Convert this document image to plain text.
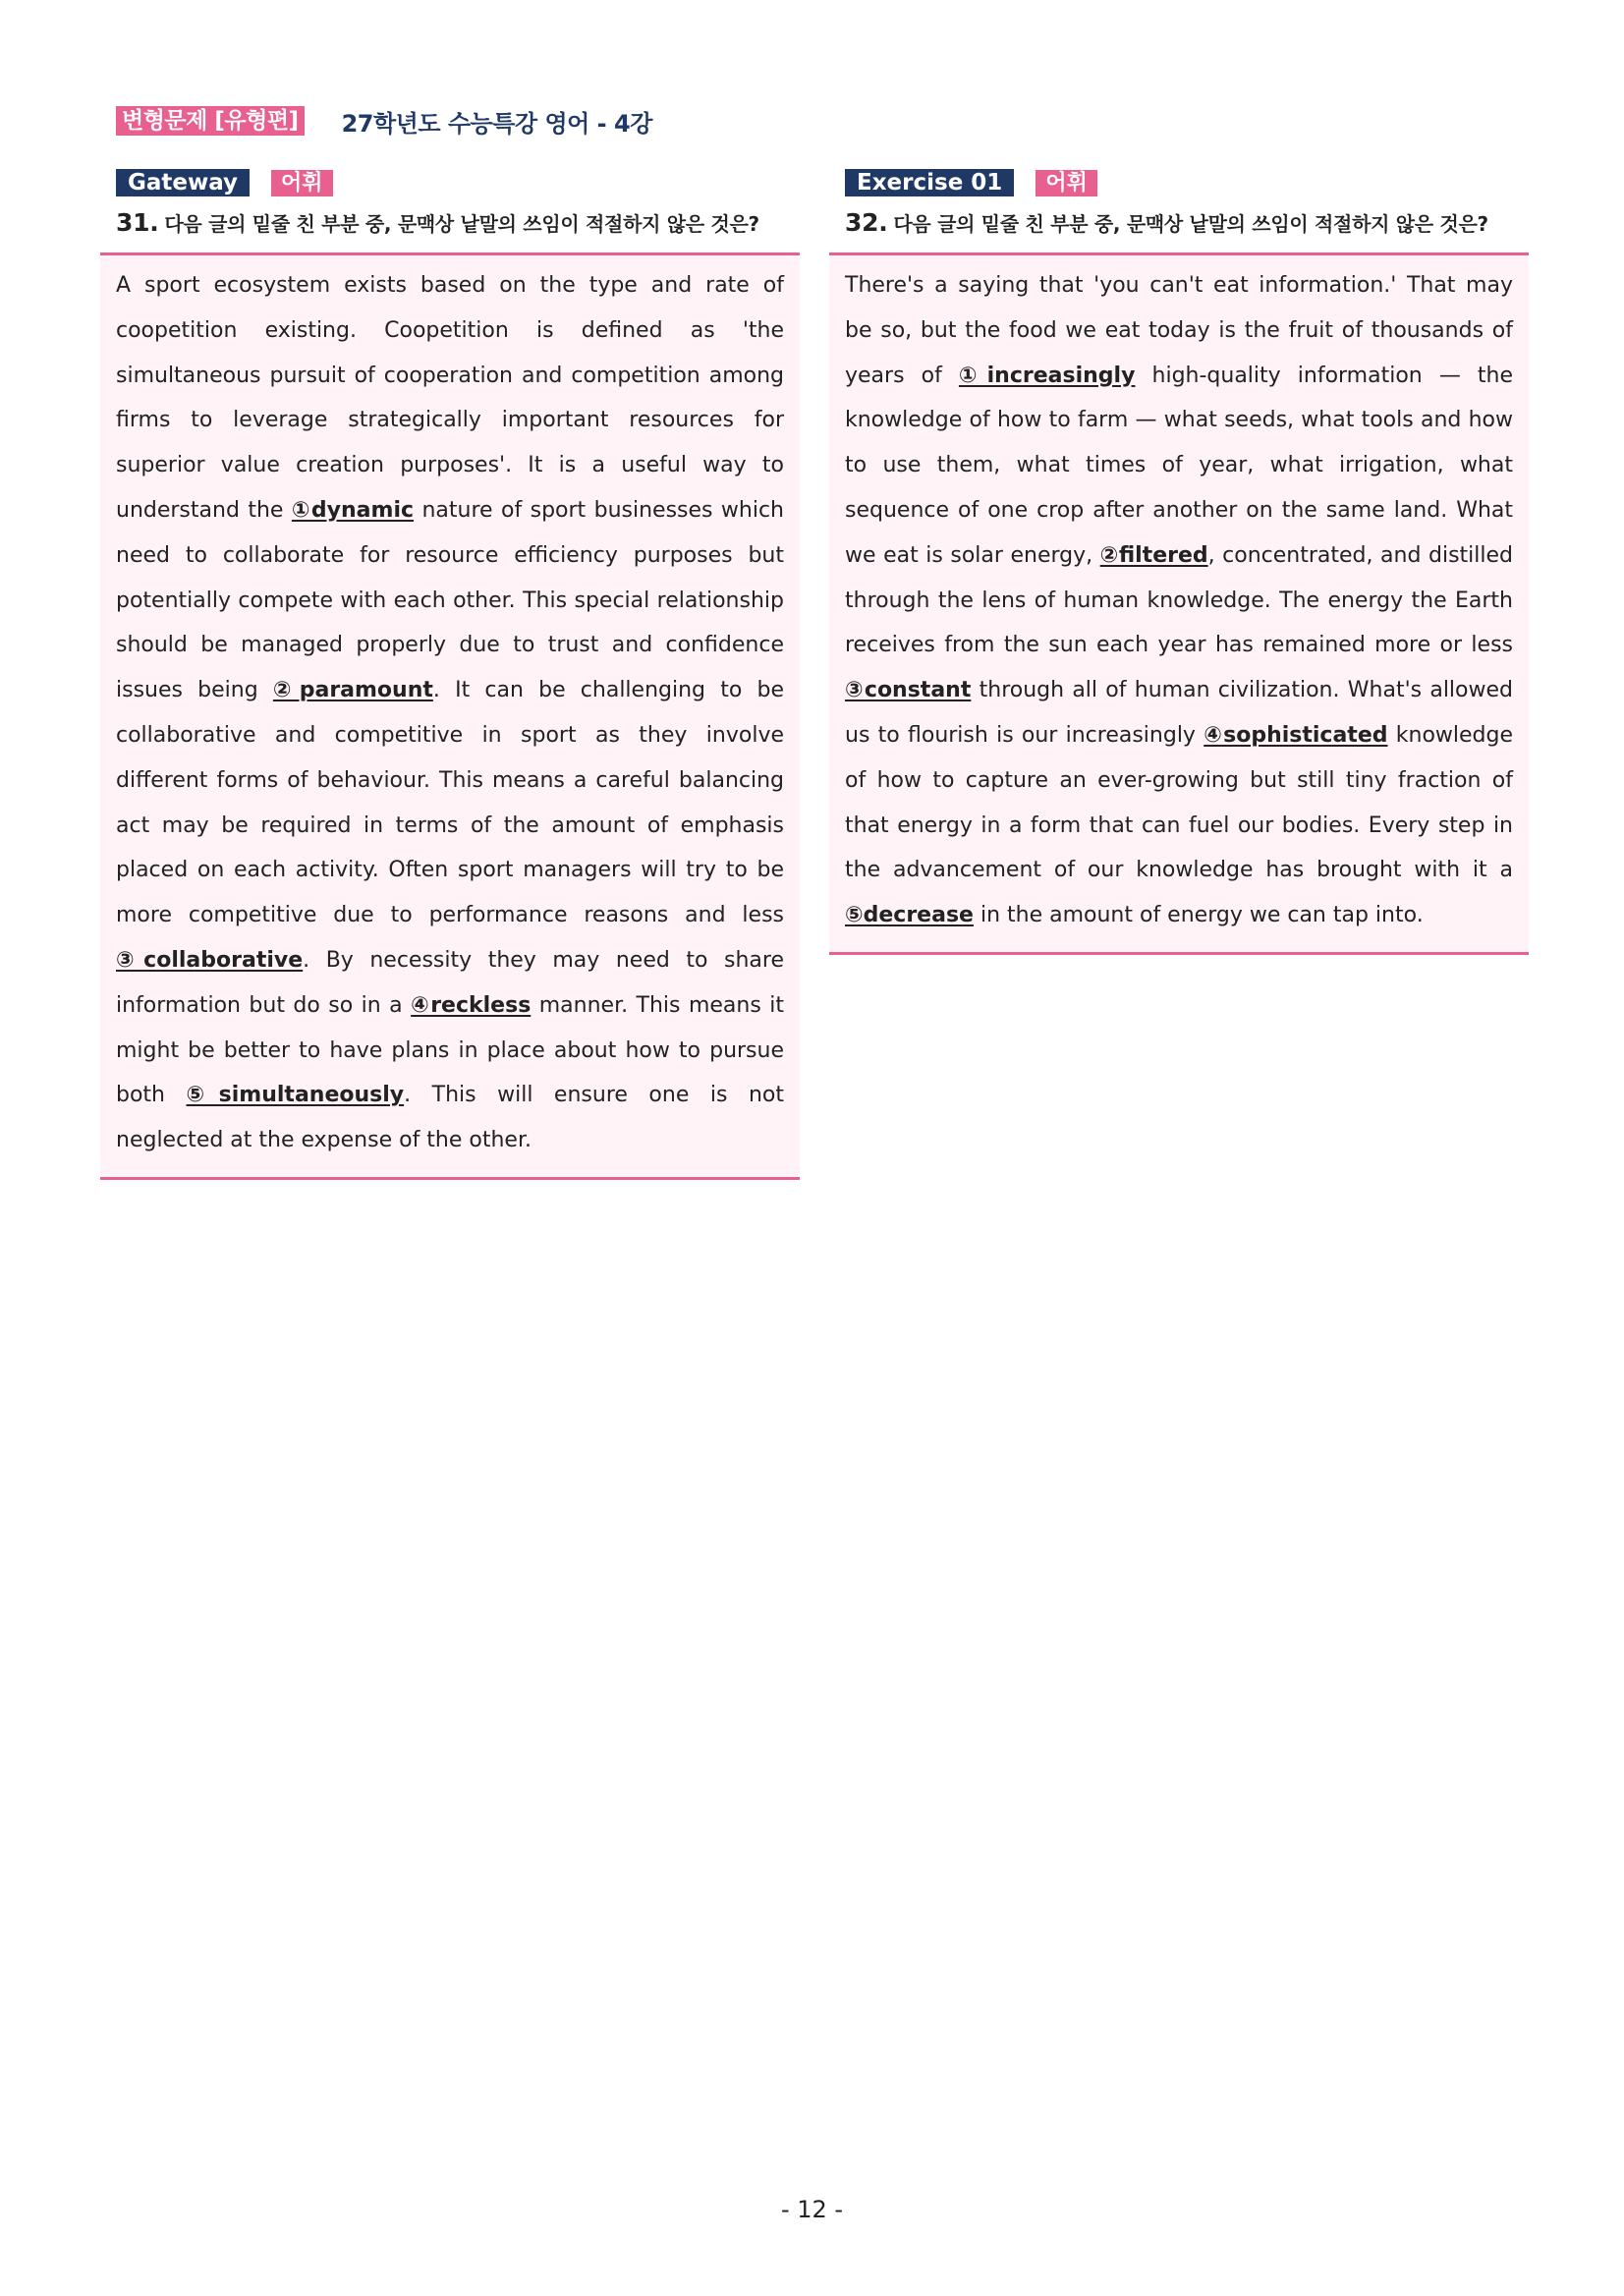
변형문제 [유형편] 27학년도 수능특강 영어 - 4강
Gateway	어휘
31. 다음 글의 밑줄 친 부분 중, 문맥상 낱말의 쓰임이 적절하지 않은 것은?
A sport ecosystem exists based on the type and rate of coopetition existing. Coopetition is defined as 'the simultaneous pursuit of cooperation and competition among firms to leverage strategically important resources for superior value creation purposes'. It is a useful way to understand the ①dynamic nature of sport businesses which need to collaborate for resource efficiency purposes but potentially compete with each other. This special relationship should be managed properly due to trust and confidence issues being ②paramount. It can be challenging to be collaborative and competitive in sport as they involve different forms of behaviour. This means a careful balancing act may be required in terms of the amount of emphasis placed on each activity. Often sport managers will try to be more competitive due to performance reasons and less ③collaborative. By necessity they may need to share information but do so in a ④reckless manner. This means it might be better to have plans in place about how to pursue both ⑤simultaneously. This will ensure one is not neglected at the expense of the other.
Exercise 01	어휘
32. 다음 글의 밑줄 친 부분 중, 문맥상 낱말의 쓰임이 적절하지 않은 것은?
There's a saying that 'you can't eat information.' That may be so, but the food we eat today is the fruit of thousands of years of ①increasingly high-quality information — the knowledge of how to farm — what seeds, what tools and how to use them, what times of year, what irrigation, what sequence of one crop after another on the same land. What we eat is solar energy, ②filtered, concentrated, and distilled through the lens of human knowledge. The energy the Earth receives from the sun each year has remained more or less ③constant through all of human civilization. What's allowed us to flourish is our increasingly ④sophisticated knowledge of how to capture an ever-growing but still tiny fraction of that energy in a form that can fuel our bodies. Every step in the advancement of our knowledge has brought with it a ⑤decrease in the amount of energy we can tap into.
- 12 -
